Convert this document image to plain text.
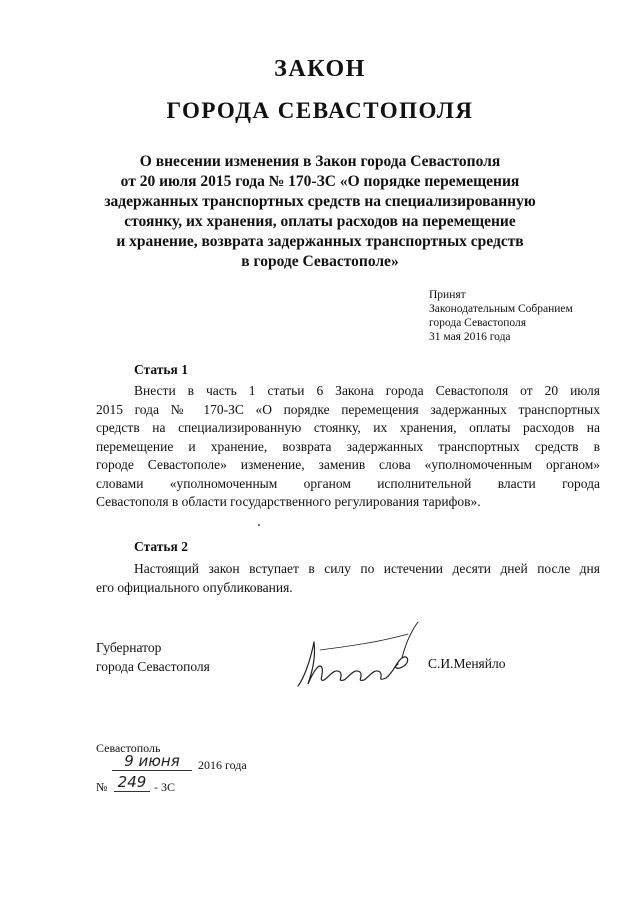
ЗАКОН
ГОРОДА СЕВАСТОПОЛЯ
О внесении изменения в Закон города Севастополя
от 20 июля 2015 года № 170-ЗС «О порядке перемещения
задержанных транспортных средств на специализированную
стоянку, их хранения, оплаты расходов на перемещение
и хранение, возврата задержанных транспортных средств
в городе Севастополе»
Принят
Законодательным Собранием
города Севастополя
31 мая 2016 года
Статья 1
Внести в часть 1 статьи 6 Закона города Севастополя от 20 июля
2015 года № 170-ЗС «О порядке перемещения задержанных транспортных
средств на специализированную стоянку, их хранения, оплаты расходов на
перемещение и хранение, возврата задержанных транспортных средств в
городе Севастополе» изменение, заменив слова «уполномоченным органом»
словами «уполномоченным органом исполнительной власти города
Севастополя в области государственного регулирования тарифов».
Статья 2
Настоящий закон вступает в силу по истечении десяти дней после дня
его официального опубликования.
Губернатор
города Севастополя	С.И.Меняйло
Севастополь
9 июня	2016 года
№ 249 - 3С
